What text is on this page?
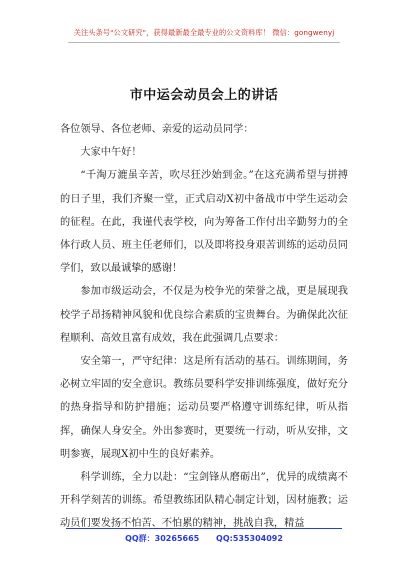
关注头条号"公文研究"，获得最新最全最专业的公文资料库！ 微信：gongwenyj
市中运会动员会上的讲话

各位领导、各位老师、亲爱的运动员同学：

大家中午好！

“千淘万漉虽辛苦，吹尽狂沙始到金。”在这充满希望与拼搏的日子里，我们齐聚一堂，正式启动X初中备战市中学生运动会的征程。在此，我谨代表学校，向为筹备工作付出辛勤努力的全体行政人员、班主任老师们，以及即将投身艰苦训练的运动员同学们，致以最诚挚的感谢！

参加市级运动会，不仅是为校争光的荣誉之战，更是展现我校学子昂扬精神风貌和优良综合素质的宝贵舞台。为确保此次征程顺利、高效且富有成效，我在此强调几点要求：

安全第一，严守纪律：这是所有活动的基石。训练期间，务必树立牢固的安全意识。教练员要科学安排训练强度，做好充分的热身指导和防护措施；运动员要严格遵守训练纪律，听从指挥，确保人身安全。外出参赛时，更要统一行动，听从安排，文明参赛，展现X初中生的良好素养。

科学训练，全力以赴：“宝剑锋从磨砺出”，优异的成绩离不开科学刻苦的训练。希望教练团队精心制定计划，因材施教；运动员们要发扬不怕苦、不怕累的精神，挑战自我，精益

QQ群：30265665 QQ:535304092
